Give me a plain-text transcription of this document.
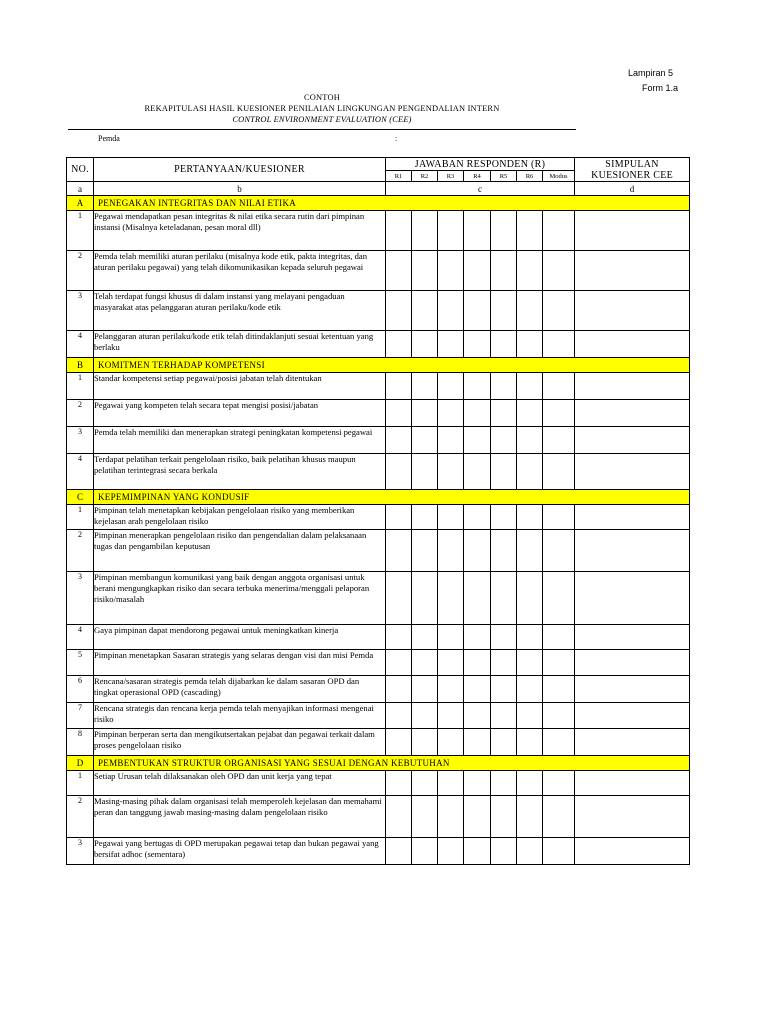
Lampiran 5
Form 1.a
CONTOH
REKAPITULASI HASIL KUESIONER PENILAIAN LINGKUNGAN PENGENDALIAN INTERN
CONTROL ENVIRONMENT EVALUATION (CEE)
Pemda	:
NO.	PERTANYAAN/KUESIONER	JAWABAN RESPONDEN (R)							SIMPULAN KUESIONER CEE
		R1	R2	R3	R4	R5	R6	Modus	
a	b	c							d
A	PENEGAKAN INTEGRITAS DAN NILAI ETIKA								
1	Pegawai mendapatkan pesan integritas & nilai etika secara rutin dari pimpinan instansi (Misalnya keteladanan, pesan moral dll)								
2	Pemda telah memiliki aturan perilaku (misalnya kode etik, pakta integritas, dan aturan perilaku pegawai) yang telah dikomunikasikan kepada seluruh pegawai								
3	Telah terdapat fungsi khusus di dalam instansi yang melayani pengaduan masyarakat atas pelanggaran aturan perilaku/kode etik								
4	Pelanggaran aturan perilaku/kode etik telah ditindaklanjuti sesuai ketentuan yang berlaku								
B	KOMITMEN TERHADAP KOMPETENSI								
1	Standar kompetensi setiap pegawai/posisi jabatan telah ditentukan								
2	Pegawai yang kompeten telah secara tepat mengisi posisi/jabatan								
3	Pemda telah memiliki dan menerapkan strategi peningkatan kompetensi pegawai								
4	Terdapat pelatihan terkait pengelolaan risiko, baik pelatihan khusus maupun pelatihan terintegrasi secara berkala								
C	KEPEMIMPINAN YANG KONDUSIF								
1	Pimpinan telah menetapkan kebijakan pengelolaan risiko yang memberikan kejelasan arah pengelolaan risiko								
2	Pimpinan menerapkan pengelolaan risiko dan pengendalian dalam pelaksanaan tugas dan pengambilan keputusan								
3	Pimpinan membangun komunikasi yang baik dengan anggota organisasi untuk berani mengungkapkan risiko dan secara terbuka menerima/menggali pelaporan risiko/masalah								
4	Gaya pimpinan dapat mendorong pegawai untuk meningkatkan kinerja								
5	Pimpinan menetapkan Sasaran strategis yang selaras dengan visi dan misi Pemda								
6	Rencana/sasaran strategis pemda telah dijabarkan ke dalam sasaran OPD dan tingkat operasional OPD (cascading)								
7	Rencana strategis dan rencana kerja pemda telah menyajikan informasi mengenai risiko								
8	Pimpinan berperan serta dan mengikutsertakan pejabat dan pegawai terkait dalam proses pengelolaan risiko								
D	PEMBENTUKAN STRUKTUR ORGANISASI YANG SESUAI DENGAN KEBUTUHAN								
1	Setiap Urusan telah dilaksanakan oleh OPD dan unit kerja yang tepat								
2	Masing-masing pihak dalam organisasi telah memperoleh kejelasan dan memahami peran dan tanggung jawab masing-masing dalam pengelolaan risiko								
3	Pegawai yang bertugas di OPD merupakan pegawai tetap dan bukan pegawai yang bersifat adhoc (sementara)								
